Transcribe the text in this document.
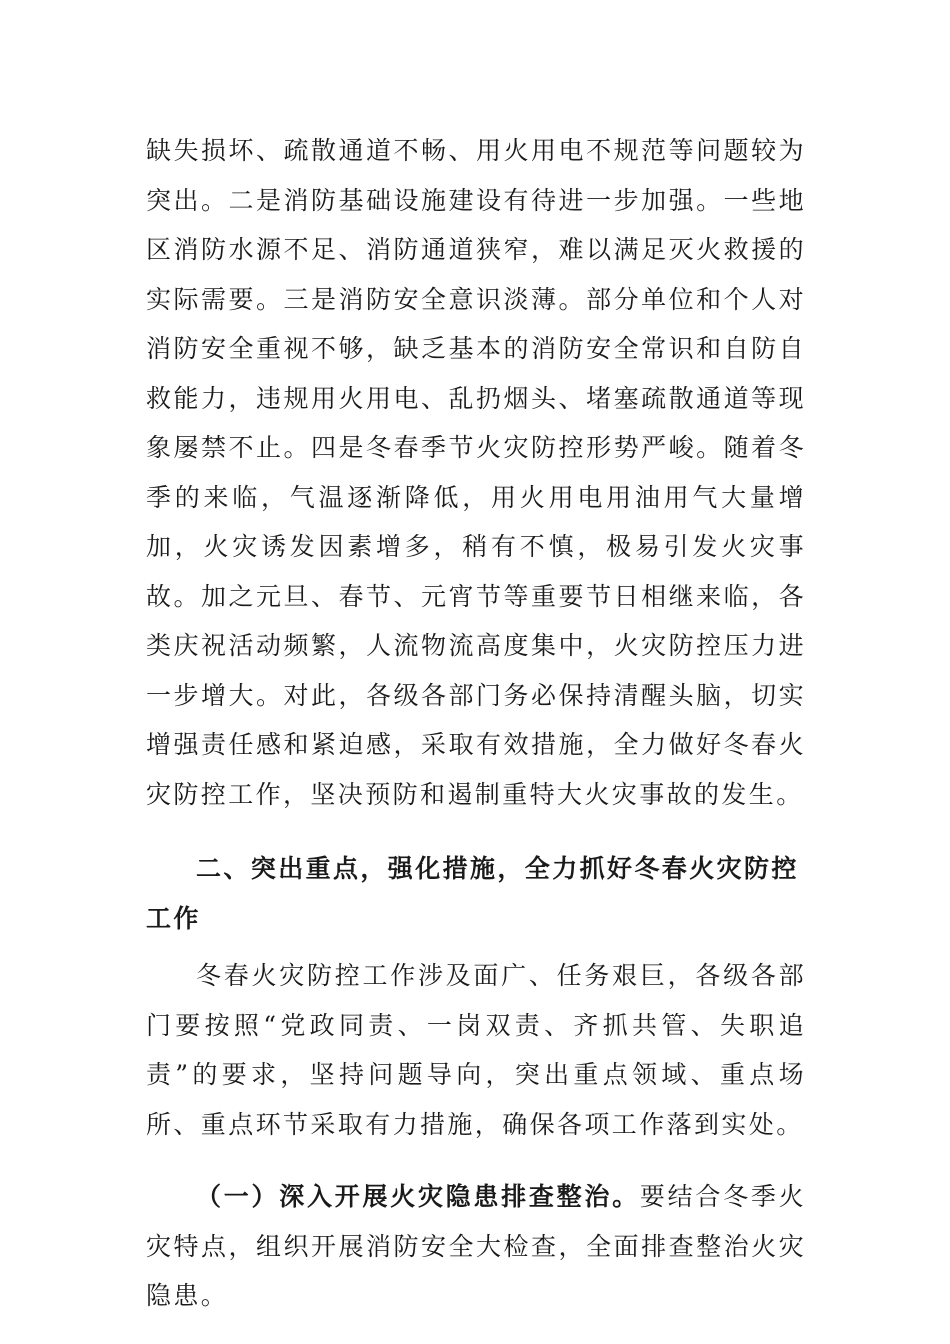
缺失损坏、疏散通道不畅、用火用电不规范等问题较为突出。二是消防基础设施建设有待进一步加强。一些地区消防水源不足、消防通道狭窄，难以满足灭火救援的实际需要。三是消防安全意识淡薄。部分单位和个人对消防安全重视不够，缺乏基本的消防安全常识和自防自救能力，违规用火用电、乱扔烟头、堵塞疏散通道等现象屡禁不止。四是冬春季节火灾防控形势严峻。随着冬季的来临，气温逐渐降低，用火用电用油用气大量增加，火灾诱发因素增多，稍有不慎，极易引发火灾事故。加之元旦、春节、元宵节等重要节日相继来临，各类庆祝活动频繁，人流物流高度集中，火灾防控压力进一步增大。对此，各级各部门务必保持清醒头脑，切实增强责任感和紧迫感，采取有效措施，全力做好冬春火灾防控工作，坚决预防和遏制重特大火灾事故的发生。

二、突出重点，强化措施，全力抓好冬春火灾防控工作

冬春火灾防控工作涉及面广、任务艰巨，各级各部门要按照“党政同责、一岗双责、齐抓共管、失职追责”的要求，坚持问题导向，突出重点领域、重点场所、重点环节采取有力措施，确保各项工作落到实处。

（一）深入开展火灾隐患排查整治。要结合冬季火灾特点，组织开展消防安全大检查，全面排查整治火灾隐患。
